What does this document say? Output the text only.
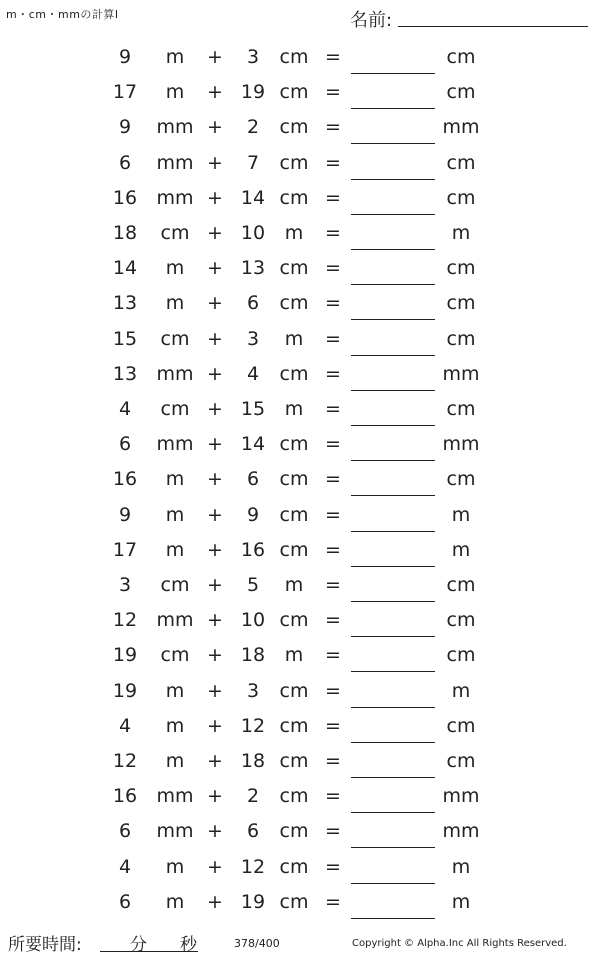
m・cm・mmの計算Ⅰ	名前:
9	m	+	3	cm =	cm
17	m	+ 19 cm =	cm
9	mm +	2	cm =	mm
6	mm +	7	cm =	cm
16	mm + 14 cm =	cm
18	cm + 10	m	=	m
14	m	+ 13 cm =	cm
13	m	+	6	cm =	cm
15	cm +	3	m	=	cm
13	mm +	4	cm =	mm
4	cm + 15	m	=	cm
6	mm + 14 cm =	mm
16	m	+	6	cm =	cm
9	m	+	9	cm =	m
17	m	+ 16 cm =	m
3	cm +	5	m	=	cm
12	mm + 10 cm =	cm
19	cm + 18	m	=	cm
19	m	+	3	cm =	m
4	m	+ 12 cm =	cm
12	m	+ 18 cm =	cm
16	mm +	2	cm =	mm
6	mm +	6	cm =	mm
4	m	+ 12 cm =	m
6	m	+ 19 cm =	m
所要時間:	分 秒	378/400	Copyright © Alpha.Inc All Rights Reserved.
